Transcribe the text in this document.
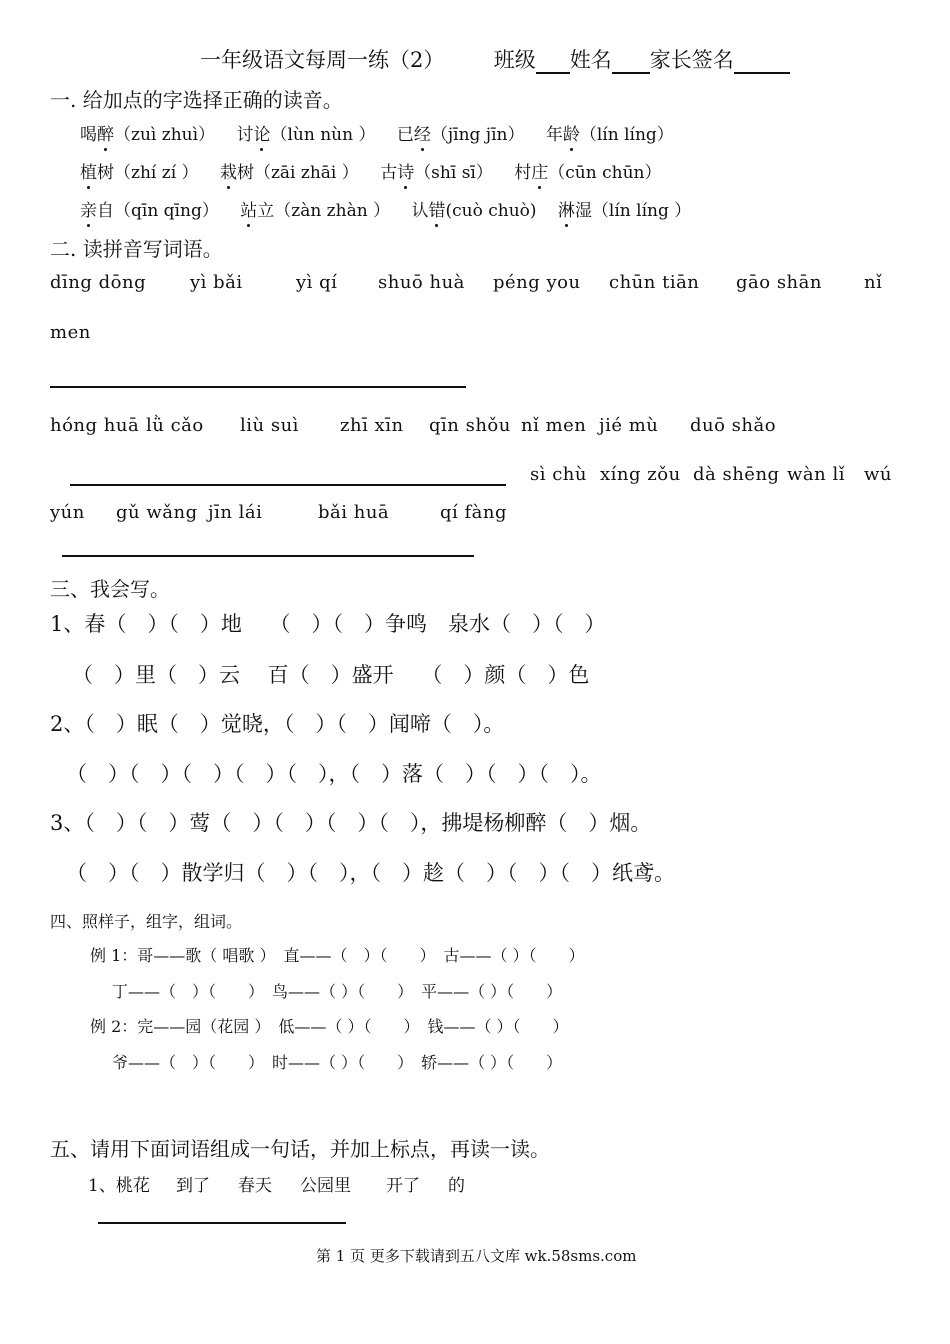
一年级语文每周一练（2） 班级 姓名 家长签名
一. 给加点的字选择正确的读音。
喝醉（zuì zhuì） 讨论（lùn nùn ） 已经（jīng jīn） 年龄（lín líng）
植树（zhí zí ） 栽树（zāi zhāi ） 古诗（shī sī） 村庄（cūn chūn）
亲自（qīn qīng） 站立（zàn zhàn ） 认错(cuò chuò) 淋湿（lín líng ）
二. 读拼音写词语。
dīng dōng yì bǎi	yì qí shuō huà péng you chūn tiān gāo shān nǐ
men
hóng huā lǜ cǎo liù suì zhī xīn qīn shǒu nǐ men jié mù duō shǎo
sì chù xíng zǒu dà shēng wàn lǐ wú
yún gǔ wǎng jīn lái	bǎi huā	qí fàng
三、我会写。
1、春（　）（　）地　 （　）（　）争鸣　泉水（　）（　）
（　）里（　）云　 百（　）盛开　 （　）颜（　）色
2、（　）眠（　）觉晓，（　）（　）闻啼（　）。
（　）（　）（　）（　）（　），（　）落（　）（　）（　）。
3、（　）（　）莺（　）（　）（　）（　），拂堤杨柳醉（　）烟。
（　）（　）散学归（　）（　），（　）趁（　）（　）（　）纸鸢。
四、照样子，组字，组词。
例 1：哥——歌（ 唱歌 ）　直——（　）（　　）　古——（ ）（　　）
丁——（　）（　　）　鸟——（ ）（　　）　平——（ ）（　　）
例 2：完——园（花园 ）　低——（ ）（　　）　钱——（ ）（　　）
爷——（　）（　　）　时——（ ）（　　）　轿——（ ）（　　）
五、请用下面词语组成一句话，并加上标点，再读一读。
1、桃花 到了 春天 公园里 开了 的
第 1 页 更多下载请到五八文库 wk.58sms.com
